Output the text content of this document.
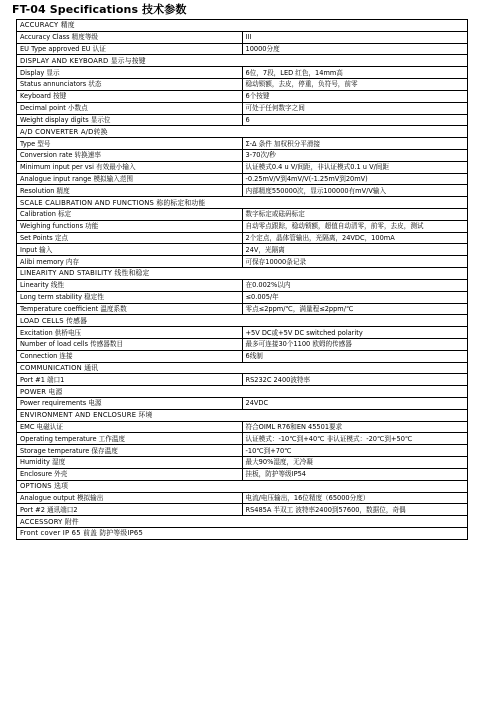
FT-04 Specifications 技术参数
ACCURACY 精度	
Accuracy Class 精度等级	III
EU Type approved EU 认证	10000分度
DISPLAY AND KEYBOARD 显示与按键	
Display 显示	6位，7段，LED 红色，14mm高
Status annunciators 状态	稳动锁额，去皮，停重，负符号，前零
Keyboard 按键	6个按键
Decimal point 小数点	可处于任何数字之间
Weight display digits 显示位	6
A/D CONVERTER A/D转换	
Type 型号	Σ-Δ 条件 加权积分平滑接
Conversion rate 转换速率	3-70次/秒
Minimum input per vsi 有效最小输入	认证模式0.4 u V/间距，非认证模式0.1 u V/间距
Analogue input range 模拟输入范围	-0.25mV/V到4mV/V(-1.25mV到20mV)
Resolution 精度	内部精度550000次，显示100000有mV/V输入
SCALE CALIBRATION AND FUNCTIONS 称的标定和功能	
Calibration 标定	数字标定或砝码标定
Weighing functions 功能	自动零点跟踪，稳动锁额，超值自动清零，前零，去皮，测试
Set Points 定点	2个定点，晶体管输出，光隔离，24VDC，100mA
Input 输入	24V，光隔离
Alibi memory 内存	可保存10000条记录
LINEARITY AND STABILITY 线性和稳定	
Linearity 线性	在0.002%以内
Long term stability 稳定性	≤0.005/年
Temperature coefficient 温度系数	零点≤2ppm/℃，满量程≤2ppm/℃
LOAD CELLS 传感器	
Excitation 供桥电压	+5V DC或+5V DC switched polarity
Number of load cells 传感器数目	最多可连接30个1100 欧姆的传感器
Connection 连接	6线制
COMMUNICATION 通讯	
Port #1 端口1	RS232C 2400波特率
POWER 电源	
Power requirements 电源	24VDC
ENVIRONMENT AND ENCLOSURE 环境	
EMC 电磁认证	符合OIML R76和EN 45501要求
Operating temperature 工作温度	认证模式：-10℃到+40℃ 非认证模式：-20℃到+50℃
Storage temperature 保存温度	-10℃到+70℃
Humidity 湿度	最大90%湿度，无冷凝
Enclosure 外壳	挂板，防护等级IP54
OPTIONS 选项	
Analogue output 模拟输出	电流/电压输出，16位精度（65000分度）
Port #2 通讯端口2	RS485A 半双工 波特率2400到57600，数据位，奇偶
ACCESSORY 附件	
Front cover IP 65 前盖 防护等级IP65	
